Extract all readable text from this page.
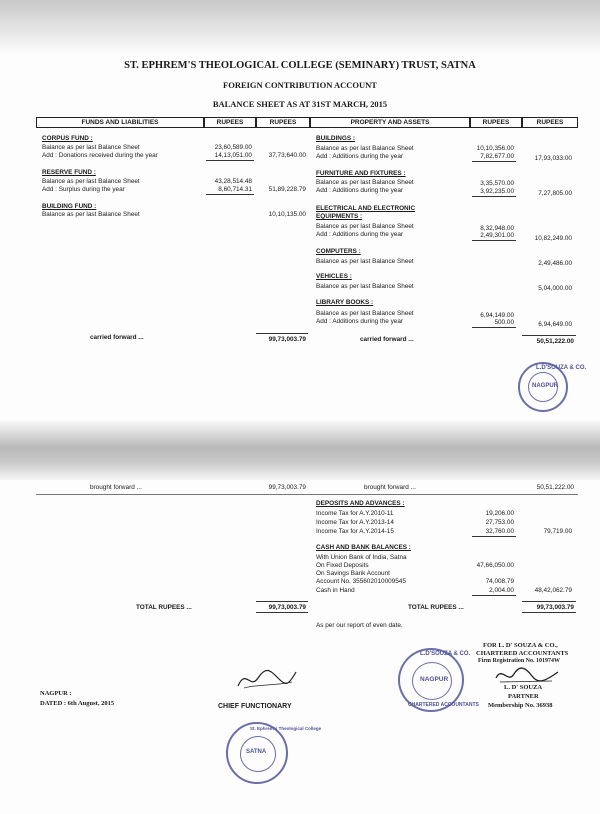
ST. EPHREM'S THEOLOGICAL COLLEGE (SEMINARY) TRUST, SATNA
FOREIGN CONTRIBUTION ACCOUNT
BALANCE SHEET AS AT 31ST MARCH, 2015
FUNDS AND LIABILITIES	RUPEES	RUPEES	PROPERTY AND ASSETS	RUPEES	RUPEES
CORPUS FUND :
Balance as per last Balance Sheet	23,60,589.00
Add : Donations received during the year	14,13,051.00	37,73,640.00
RESERVE FUND :
Balance as per last Balance Sheet	43,28,514.48
Add : Surplus during the year	8,60,714.31	51,89,228.79
BUILDING FUND :
Balance as per last Balance Sheet	10,10,135.00
BUILDINGS :
Balance as per last Balance Sheet	10,10,356.00
Add : Additions during the year	7,82,677.00	17,93,033.00
FURNITURE AND FIXTURES :
Balance as per last Balance Sheet	3,35,570.00
Add : Additions during the year	3,92,235.00	7,27,805.00
ELECTRICAL AND ELECTRONIC
EQUIPMENTS :
Balance as per last Balance Sheet	8,32,948.00
Add : Additions during the year	2,49,301.00	10,82,249.00
COMPUTERS :
Balance as per last Balance Sheet	2,49,486.00
VEHICLES :
Balance as per last Balance Sheet	5,04,000.00
LIBRARY BOOKS :
Balance as per last Balance Sheet	6,94,149.00
Add : Additions during the year	500.00	6,94,649.00
carried forward ...	99,73,003.79	carried forward ...	50,51,222.00
L.D'SOUZA & CO.
NAGPUR
brought forward ...	99,73,003.79	brought forward ...	50,51,222.00
DEPOSITS AND ADVANCES :
Income Tax for A.Y.2010-11	19,206.00
Income Tax for A.Y.2013-14	27,753.00
Income Tax for A.Y.2014-15	32,760.00	79,719.00
CASH AND BANK BALANCES :
With Union Bank of India, Satna
On Fixed Deposits	47,66,050.00
On Savings Bank Account
Account No. 355602010009545	74,008.79
Cash in Hand	2,004.00	48,42,062.79
TOTAL RUPEES ...	99,73,003.79	TOTAL RUPEES ...	99,73,003.79
As per our report of even date.
FOR L. D' SOUZA & CO.,
CHARTERED ACCOUNTANTS
Firm Registration No. 101974W
L. D' SOUZA
PARTNER
Membership No. 36938
L.D'SOUZA & CO.
NAGPUR
CHARTERED ACCOUNTANTS
CHIEF FUNCTIONARY
NAGPUR :
DATED : 6th August, 2015
St. Ephrem's Theological College
SATNA
